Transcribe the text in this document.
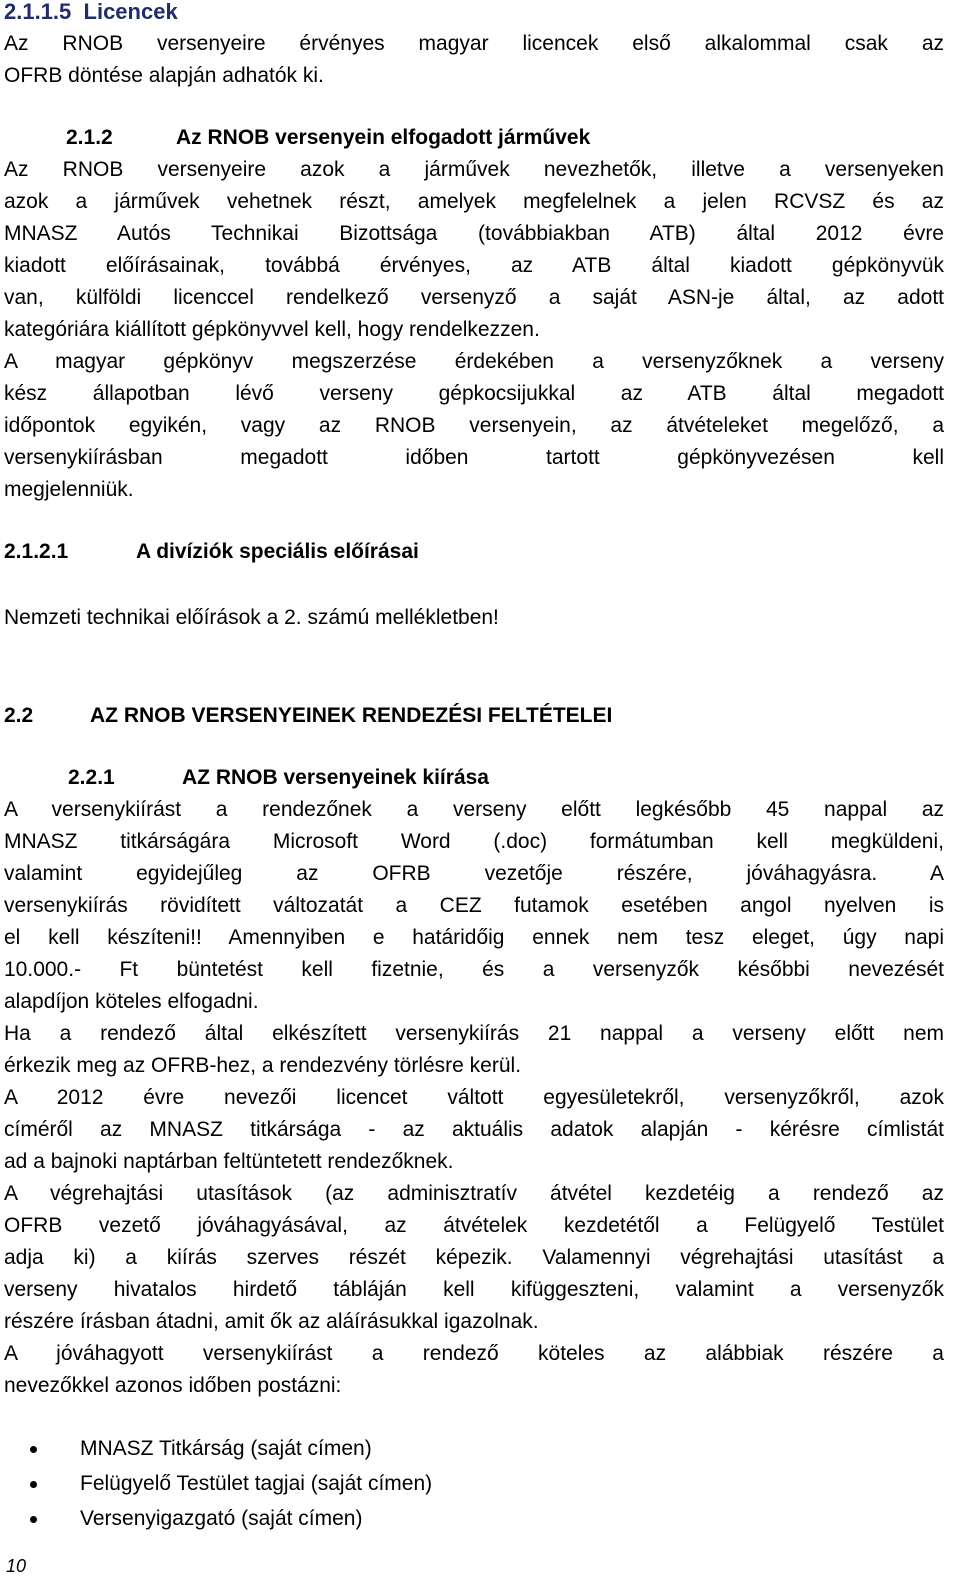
2.1.1.5 Licencek
Az RNOB versenyeire érvényes magyar licencek első alkalommal csak az
OFRB döntése alapján adhatók ki.
2.1.2	Az RNOB versenyein elfogadott járművek
Az RNOB versenyeire azok a járművek nevezhetők, illetve a versenyeken
azok a járművek vehetnek részt, amelyek megfelelnek a jelen RCVSZ és az
MNASZ Autós Technikai Bizottsága (továbbiakban ATB) által 2012 évre
kiadott előírásainak, továbbá érvényes, az ATB által kiadott gépkönyvük
van, külföldi licenccel rendelkező versenyző a saját ASN-je által, az adott
kategóriára kiállított gépkönyvvel kell, hogy rendelkezzen.
A magyar gépkönyv megszerzése érdekében a versenyzőknek a verseny
kész állapotban lévő verseny gépkocsijukkal az ATB által megadott
időpontok egyikén, vagy az RNOB versenyein, az átvételeket megelőző, a
versenykiírásban megadott időben tartott gépkönyvezésen kell
megjelenniük.
2.1.2.1	A divíziók speciális előírásai
Nemzeti technikai előírások a 2. számú mellékletben!
2.2	AZ RNOB VERSENYEINEK RENDEZÉSI FELTÉTELEI
2.2.1	AZ RNOB versenyeinek kiírása
A versenykiírást a rendezőnek a verseny előtt legkésőbb 45 nappal az
MNASZ titkárságára Microsoft Word (.doc) formátumban kell megküldeni,
valamint egyidejűleg az OFRB vezetője részére, jóváhagyásra. A
versenykiírás rövidített változatát a CEZ futamok esetében angol nyelven is
el kell készíteni!! Amennyiben e határidőig ennek nem tesz eleget, úgy napi
10.000.- Ft büntetést kell fizetnie, és a versenyzők későbbi nevezését
alapdíjon köteles elfogadni.
Ha a rendező által elkészített versenykiírás 21 nappal a verseny előtt nem
érkezik meg az OFRB-hez, a rendezvény törlésre kerül.
A 2012 évre nevezői licencet váltott egyesületekről, versenyzőkről, azok
címéről az MNASZ titkársága - az aktuális adatok alapján - kérésre címlistát
ad a bajnoki naptárban feltüntetett rendezőknek.
A végrehajtási utasítások (az adminisztratív átvétel kezdetéig a rendező az
OFRB vezető jóváhagyásával, az átvételek kezdetétől a Felügyelő Testület
adja ki) a kiírás szerves részét képezik. Valamennyi végrehajtási utasítást a
verseny hivatalos hirdető tábláján kell kifüggeszteni, valamint a versenyzők
részére írásban átadni, amit ők az aláírásukkal igazolnak.
A jóváhagyott versenykiírást a rendező köteles az alábbiak részére a
nevezőkkel azonos időben postázni:
MNASZ Titkárság (saját címen)
Felügyelő Testület tagjai (saját címen)
Versenyigazgató (saját címen)
10
